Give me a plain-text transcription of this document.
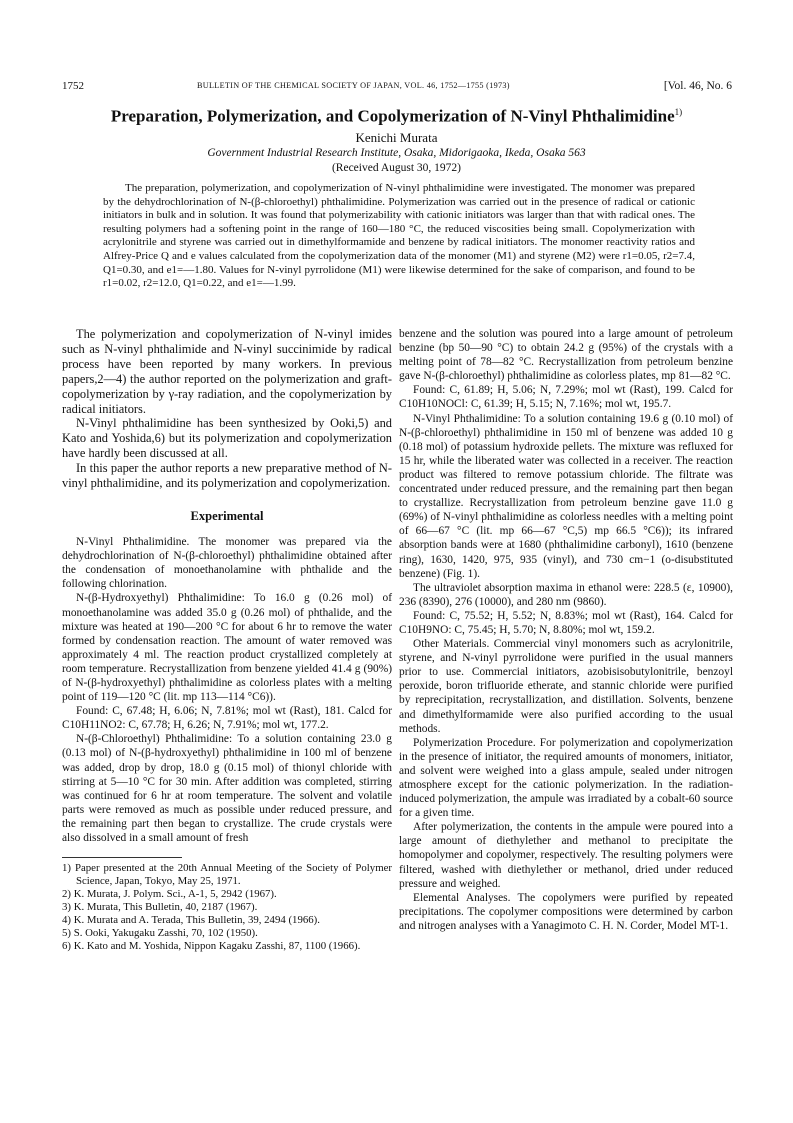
1752	BULLETIN OF THE CHEMICAL SOCIETY OF JAPAN, VOL. 46, 1752—1755 (1973)	[Vol. 46, No. 6
Preparation, Polymerization, and Copolymerization of N-Vinyl Phthalimidine$^{1)}$
Kenichi Murata
Government Industrial Research Institute, Osaka, Midorigaoka, Ikeda, Osaka 563
(Received August 30, 1972)
The preparation, polymerization, and copolymerization of N-vinyl phthalimidine were investigated. The monomer was prepared by the dehydrochlorination of N-(β-chloroethyl) phthalimidine. Polymerization was carried out in the presence of radical or cationic initiators in bulk and in solution. It was found that polymerizability with cationic initiators was larger than that with radical ones. The resulting polymers had a softening point in the range of 160—180 °C, the reduced viscosities being small. Copolymerization with acrylonitrile and styrene was carried out in dimethylformamide and benzene by radical initiators. The monomer reactivity ratios and Alfrey-Price Q and e values calculated from the copolymerization data of the monomer (M1) and styrene (M2) were r1=0.05, r2=7.4, Q1=0.30, and e1=—1.80. Values for N-vinyl pyrrolidone (M1) were likewise determined for the sake of comparison, and found to be r1=0.02, r2=12.0, Q1=0.22, and e1=—1.99.

The polymerization and copolymerization of N-vinyl imides such as N-vinyl phthalimide and N-vinyl succinimide by radical process have been reported by many workers. In previous papers,2—4) the author reported on the polymerization and graft-copolymerization by γ-ray radiation, and the copolymerization by radical initiators.

N-Vinyl phthalimidine has been synthesized by Ooki,5) and Kato and Yoshida,6) but its polymerization and copolymerization have hardly been discussed at all.

In this paper the author reports a new preparative method of N-vinyl phthalimidine, and its polymerization and copolymerization.

Experimental

N-Vinyl Phthalimidine. The monomer was prepared via the dehydrochlorination of N-(β-chloroethyl) phthalimidine obtained after the condensation of monoethanolamine with phthalide and the following chlorination.

N-(β-Hydroxyethyl) Phthalimidine: To 16.0 g (0.26 mol) of monoethanolamine was added 35.0 g (0.26 mol) of phthalide, and the mixture was heated at 190—200 °C for about 6 hr to remove the water formed by condensation reaction. The amount of water removed was approximately 4 ml. The reaction product crystallized completely at room temperature. Recrystallization from benzene yielded 41.4 g (90%) of N-(β-hydroxyethyl) phthalimidine as colorless plates with a melting point of 119—120 °C (lit. mp 113—114 °C6)).

Found: C, 67.48; H, 6.06; N, 7.81%; mol wt (Rast), 181. Calcd for C10H11NO2: C, 67.78; H, 6.26; N, 7.91%; mol wt, 177.2.

N-(β-Chloroethyl) Phthalimidine: To a solution containing 23.0 g (0.13 mol) of N-(β-hydroxyethyl) phthalimidine in 100 ml of benzene was added, drop by drop, 18.0 g (0.15 mol) of thionyl chloride with stirring at 5—10 °C for 30 min. After addition was completed, stirring was continued for 6 hr at room temperature. The solvent and volatile parts were removed as much as possible under reduced pressure, and the remaining part then began to crystallize. The crude crystals were also dissolved in a small amount of fresh

1) Paper presented at the 20th Annual Meeting of the Society of Polymer Science, Japan, Tokyo, May 25, 1971.

2) K. Murata, J. Polym. Sci., A-1, 5, 2942 (1967).

3) K. Murata, This Bulletin, 40, 2187 (1967).

4) K. Murata and A. Terada, This Bulletin, 39, 2494 (1966).

5) S. Ooki, Yakugaku Zasshi, 70, 102 (1950).

6) K. Kato and M. Yoshida, Nippon Kagaku Zasshi, 87, 1100 (1966).

benzene and the solution was poured into a large amount of petroleum benzine (bp 50—90 °C) to obtain 24.2 g (95%) of the crystals with a melting point of 78—82 °C. Recrystallization from petroleum benzine gave N-(β-chloroethyl) phthalimidine as colorless plates, mp 81—82 °C.

Found: C, 61.89; H, 5.06; N, 7.29%; mol wt (Rast), 199. Calcd for C10H10NOCl: C, 61.39; H, 5.15; N, 7.16%; mol wt, 195.7.

N-Vinyl Phthalimidine: To a solution containing 19.6 g (0.10 mol) of N-(β-chloroethyl) phthalimidine in 150 ml of benzene was added 10 g (0.18 mol) of potassium hydroxide pellets. The mixture was refluxed for 15 hr, while the liberated water was collected in a receiver. The reaction product was filtered to remove potassium chloride. The filtrate was concentrated under reduced pressure, and the remaining part then began to crystallize. Recrystallization from petroleum benzine gave 11.0 g (69%) of N-vinyl phthalimidine as colorless needles with a melting point of 66—67 °C (lit. mp 66—67 °C,5) mp 66.5 °C6)); its infrared absorption bands were at 1680 (phthalimidine carbonyl), 1610 (benzene ring), 1630, 1420, 975, 935 (vinyl), and 730 cm−1 (o-disubstituted benzene) (Fig. 1).

The ultraviolet absorption maxima in ethanol were: 228.5 (ε, 10900), 236 (8390), 276 (10000), and 280 nm (9860).

Found: C, 75.52; H, 5.52; N, 8.83%; mol wt (Rast), 164. Calcd for C10H9NO: C, 75.45; H, 5.70; N, 8.80%; mol wt, 159.2.

Other Materials. Commercial vinyl monomers such as acrylonitrile, styrene, and N-vinyl pyrrolidone were purified in the usual manners prior to use. Commercial initiators, azobisisobutylonitrile, benzoyl peroxide, boron trifluoride etherate, and stannic chloride were purified by reprecipitation, recrystallization, and distillation. Solvents, benzene and dimethylformamide were also purified according to the usual methods.

Polymerization Procedure. For polymerization and copolymerization in the presence of initiator, the required amounts of monomers, initiator, and solvent were weighed into a glass ampule, sealed under nitrogen atmosphere except for the cationic polymerization. In the radiation-induced polymerization, the ampule was irradiated by a cobalt-60 source for a given time.

After polymerization, the contents in the ampule were poured into a large amount of diethylether and methanol to precipitate the homopolymer and copolymer, respectively. The resulting polymers were filtered, washed with diethylether or methanol, dried under reduced pressure and weighed.

Elemental Analyses. The copolymers were purified by repeated precipitations. The copolymer compositions were determined by carbon and nitrogen analyses with a Yanagimoto C. H. N. Corder, Model MT-1.
